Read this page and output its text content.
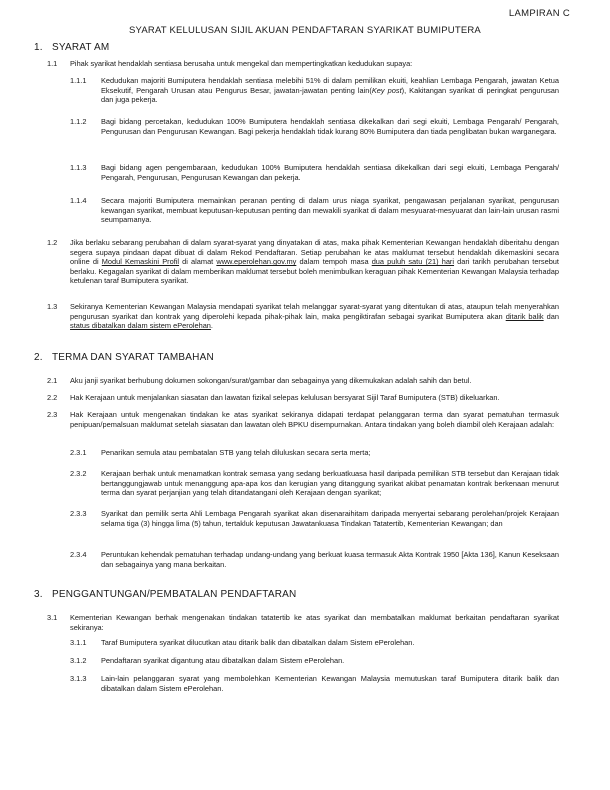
LAMPIRAN C
SYARAT KELULUSAN SIJIL AKUAN PENDAFTARAN SYARIKAT BUMIPUTERA
1. SYARAT AM
1.1 Pihak syarikat hendaklah sentiasa berusaha untuk mengekal dan mempertingkatkan kedudukan supaya:
1.1.1 Kedudukan majoriti Bumiputera hendaklah sentiasa melebihi 51% di dalam pemilikan ekuiti, keahlian Lembaga Pengarah, jawatan Ketua Eksekutif, Pengarah Urusan atau Pengurus Besar, jawatan-jawatan penting lain(Key post), Kakitangan syarikat di peringkat pengurusan dan juga pekerja.
1.1.2 Bagi bidang percetakan, kedudukan 100% Bumiputera hendaklah sentiasa dikekalkan dari segi ekuiti, Lembaga Pengarah/ Pengarah, Pengurusan dan Pengurusan Kewangan. Bagi pekerja hendaklah tidak kurang 80% Bumiputera dan tiada penglibatan bukan warganegara.
1.1.3 Bagi bidang agen pengembaraan, kedudukan 100% Bumiputera hendaklah sentiasa dikekalkan dari segi ekuiti, Lembaga Pengarah/ Pengarah, Pengurusan, Pengurusan Kewangan dan pekerja.
1.1.4 Secara majoriti Bumiputera memainkan peranan penting di dalam urus niaga syarikat, pengawasan perjalanan syarikat, pengurusan kewangan syarikat, membuat keputusan-keputusan penting dan mewakili syarikat di dalam mesyuarat-mesyuarat dan lain-lain urusan rasmi seumpamanya.
1.2 Jika berlaku sebarang perubahan di dalam syarat-syarat yang dinyatakan di atas, maka pihak Kementerian Kewangan hendaklah diberitahu dengan segera supaya pindaan dapat dibuat di dalam Rekod Pendaftaran. Setiap perubahan ke atas maklumat tersebut hendaklah dikemaskini secara online di Modul Kemaskini Profil di alamat www.eperolehan.gov.my dalam tempoh masa dua puluh satu (21) hari dari tarikh perubahan tersebut berlaku. Kegagalan syarikat di dalam memberikan maklumat tersebut boleh menimbulkan keraguan pihak Kementerian Kewangan Malaysia terhadap ketulenan taraf Bumiputera syarikat.
1.3 Sekiranya Kementerian Kewangan Malaysia mendapati syarikat telah melanggar syarat-syarat yang ditentukan di atas, ataupun telah menyerahkan pengurusan syarikat dan kontrak yang diperolehi kepada pihak-pihak lain, maka pengiktirafan sebagai syarikat Bumiputera akan ditarik balik dan status dibatalkan dalam sistem ePerolehan.
2. TERMA DAN SYARAT TAMBAHAN
2.1 Aku janji syarikat berhubung dokumen sokongan/surat/gambar dan sebagainya yang dikemukakan adalah sahih dan betul.
2.2 Hak Kerajaan untuk menjalankan siasatan dan lawatan fizikal selepas kelulusan bersyarat Sijil Taraf Bumiputera (STB) dikeluarkan.
2.3 Hak Kerajaan untuk mengenakan tindakan ke atas syarikat sekiranya didapati terdapat pelanggaran terma dan syarat pematuhan termasuk penipuan/pemalsuan maklumat setelah siasatan dan lawatan oleh BPKU disempurnakan. Antara tindakan yang boleh diambil oleh Kerajaan adalah:
2.3.1 Penarikan semula atau pembatalan STB yang telah diluluskan secara serta merta;
2.3.2 Kerajaan berhak untuk menamatkan kontrak semasa yang sedang berkuatkuasa hasil daripada pemilikan STB tersebut dan Kerajaan tidak bertanggungjawab untuk menanggung apa-apa kos dan kerugian yang ditanggung syarikat akibat penamatan kontrak berkenaan menurut terma dan syarat perjanjian yang telah ditandatangani oleh Kerajaan dengan syarikat;
2.3.3 Syarikat dan pemilik serta Ahli Lembaga Pengarah syarikat akan disenaraihitam daripada menyertai sebarang perolehan/projek Kerajaan selama tiga (3) hingga lima (5) tahun, tertakluk keputusan Jawatankuasa Tindakan Tatatertib, Kementerian Kewangan; dan
2.3.4 Peruntukan kehendak pematuhan terhadap undang-undang yang berkuat kuasa termasuk Akta Kontrak 1950 [Akta 136], Kanun Keseksaan dan sebagainya yang mana berkaitan.
3. PENGGANTUNGAN/PEMBATALAN PENDAFTARAN
3.1 Kementerian Kewangan berhak mengenakan tindakan tatatertib ke atas syarikat dan membatalkan maklumat berkaitan pendaftaran syarikat sekiranya:
3.1.1 Taraf Bumiputera syarikat dilucutkan atau ditarik balik dan dibatalkan dalam Sistem ePerolehan.
3.1.2 Pendaftaran syarikat digantung atau dibatalkan dalam Sistem ePerolehan.
3.1.3 Lain-lain pelanggaran syarat yang membolehkan Kementerian Kewangan Malaysia memutuskan taraf Bumiputera ditarik balik dan dibatalkan dalam Sistem ePerolehan.
